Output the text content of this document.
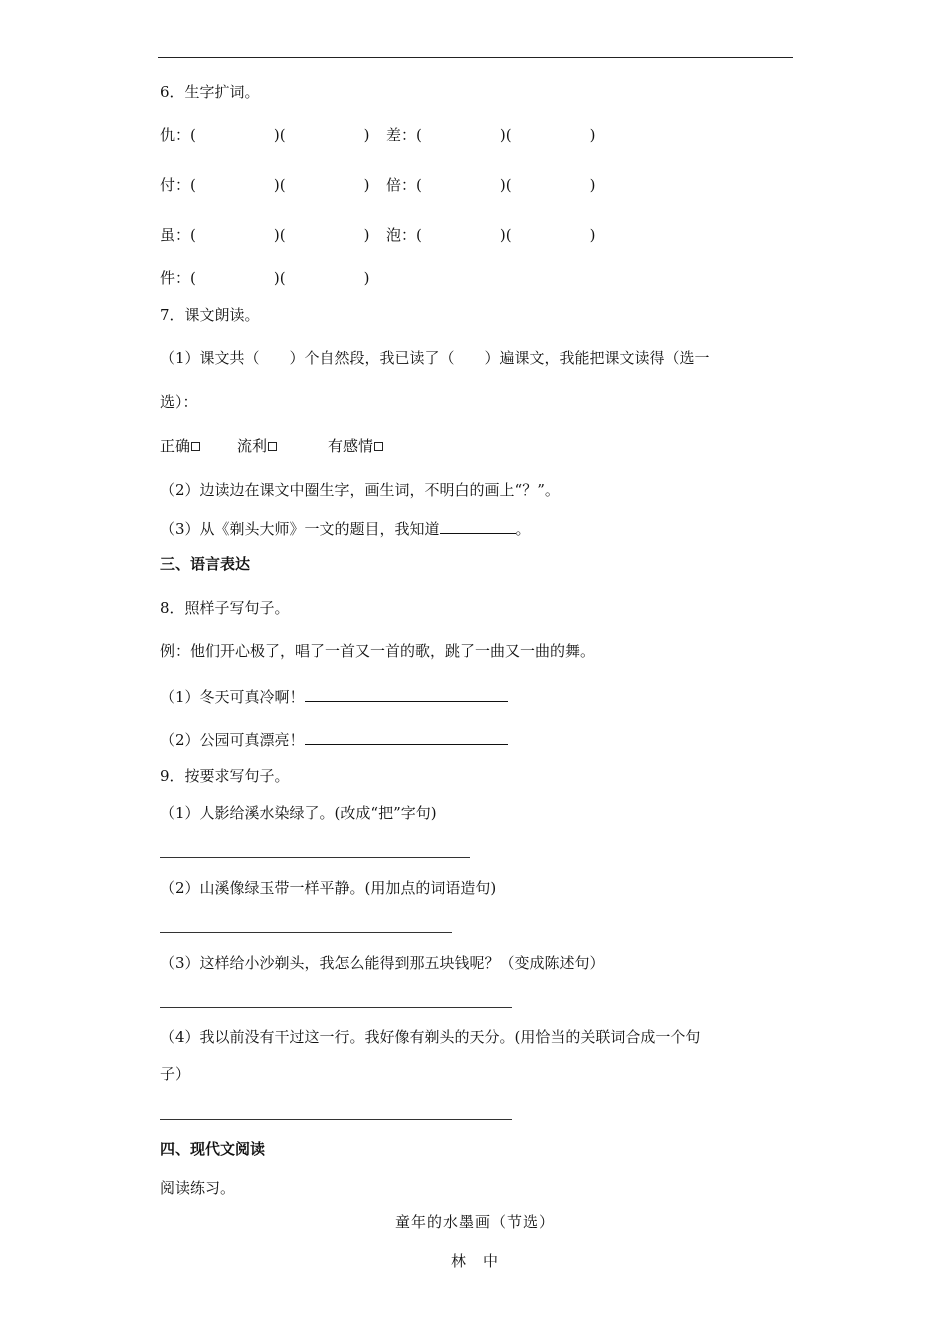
6．生字扩词。
仇：(	)(	) 差：(	)(	)
付：(	)(	) 倍：(	)(	)
虽：(	)(	) 泡：(	)(	)
件：(	)(	)
7．课文朗读。
（1）课文共（　　）个自然段，我已读了（　　）遍课文，我能把课文读得（选一
选）：
正确	流利	有感情
（2）边读边在课文中圈生字，画生词，不明白的画上“？”。
（3）从《剃头大师》一文的题目，我知道	。
三、语言表达
8．照样子写句子。
例：他们开心极了，唱了一首又一首的歌，跳了一曲又一曲的舞。
（1）冬天可真冷啊！
（2）公园可真漂亮！
9．按要求写句子。
（1）人影给溪水染绿了。(改成“把”字句)
（2）山溪像绿玉带一样平静。(用加点的词语造句)
（3）这样给小沙剃头，我怎么能得到那五块钱呢？（变成陈述句）
（4）我以前没有干过这一行。我好像有剃头的天分。(用恰当的关联词合成一个句
子）
四、现代文阅读
阅读练习。
童年的水墨画（节选）
林　中
